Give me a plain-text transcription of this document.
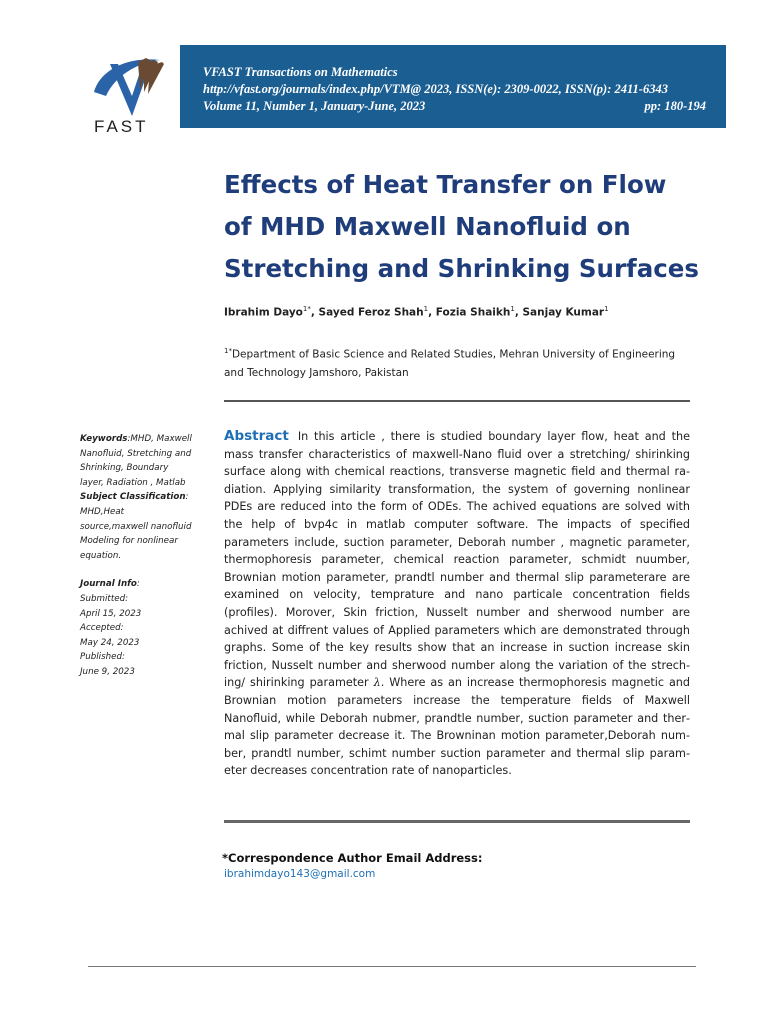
FAST
VFAST Transactions on Mathematics
http://vfast.org/journals/index.php/VTM@ 2023, ISSN(e): 2309-0022, ISSN(p): 2411-6343
Volume 11, Number 1, January-June, 2023	pp: 180-194
Effects of Heat Transfer on Flow
of MHD Maxwell Nanofluid on
Stretching and Shrinking Surfaces
Ibrahim Dayo$^{1*}$, Sayed Feroz Shah$^1$, Fozia Shaikh$^1$, Sanjay Kumar$^1$
$^{1*}$Department of Basic Science and Related Studies, Mehran University of Engineering and Technology Jamshoro, Pakistan
Keywords:MHD, Maxwell Nanofluid, Stretching and Shrinking, Boundary layer, Radiation , Matlab Subject Classification: MHD,Heat source,maxwell nanofluid Modeling for nonlinear equation.
Journal Info:
Submitted:
April 15, 2023
Accepted:
May 24, 2023
Published:
June 9, 2023
Abstract In this article , there is studied boundary layer flow, heat and the mass transfer characteristics of maxwell-Nano fluid over a stretching/ shirinking surface along with chemical reactions, transverse magnetic field and thermal radiation. Applying similarity transformation, the system of governing nonlinear PDEs are reduced into the form of ODEs. The achived equations are solved with the help of bvp4c in matlab computer software. The impacts of specified parameters include, suction parameter, Deborah number , magnetic parameter, thermophoresis parameter, chemical reaction parameter, schmidt nuumber, Brownian motion parameter, prandtl number and thermal slip parameterare are examined on velocity, temprature and nano particale concentration fields (profiles). Morover, Skin friction, Nusselt number and sherwood number are achived at diffrent values of Applied parameters which are demonstrated through graphs. Some of the key results show that an increase in suction increase skin friction, Nusselt number and sherwood number along the variation of the streching/ shirinking parameter λ. Where as an increase thermophoresis magnetic and Brownian motion parameters increase the temperature fields of Maxwell Nanofluid, while Deborah nubmer, prandtle number, suction parameter and thermal slip parameter decrease it. The Browninan motion parameter,Deborah number, prandtl number, schimt number suction parameter and thermal slip parameter decreases concentration rate of nanoparticles.
*Correspondence Author Email Address:
ibrahimdayo143@gmail.com
